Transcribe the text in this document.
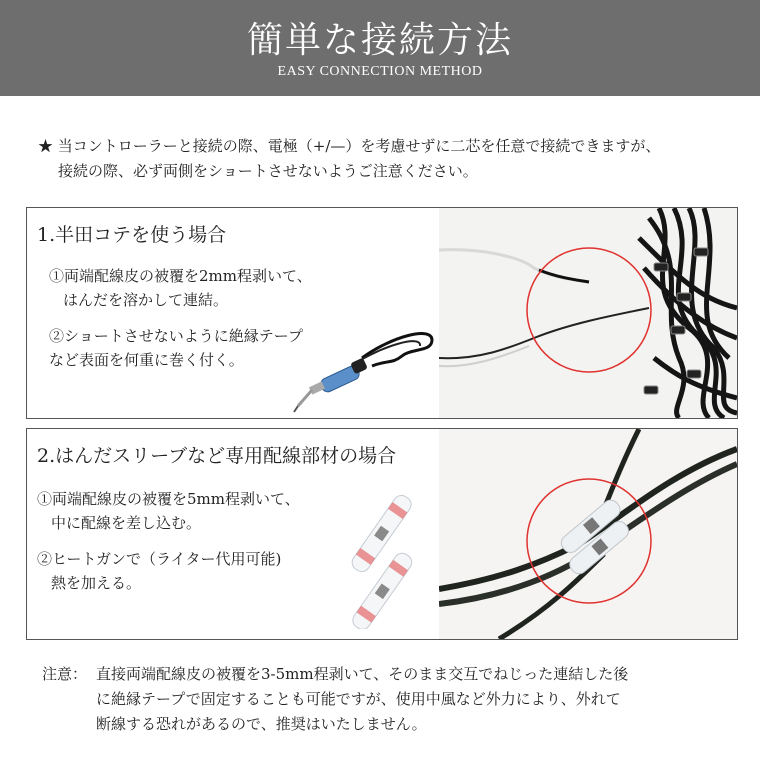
簡単な接続方法
EASY CONNECTION METHOD
★ 当コントローラーと接続の際、電極（+/—）を考慮せずに二芯を任意で接続できますが、
接続の際、必ず両側をショートさせないようご注意ください。
1.半田コテを使う場合
①両端配線皮の被覆を2mm程剥いて、
はんだを溶かして連結。
②ショートさせないように絶縁テープ
など表面を何重に巻く付く。
2.はんだスリーブなど専用配線部材の場合
①両端配線皮の被覆を5mm程剥いて、
中に配線を差し込む。
②ヒートガンで（ライター代用可能)
熱を加える。
注意： 直接両端配線皮の被覆を3-5mm程剥いて、そのまま交互でねじった連結した後
に絶縁テープで固定することも可能ですが、使用中風など外力により、外れて
断線する恐れがあるので、推奨はいたしません。
